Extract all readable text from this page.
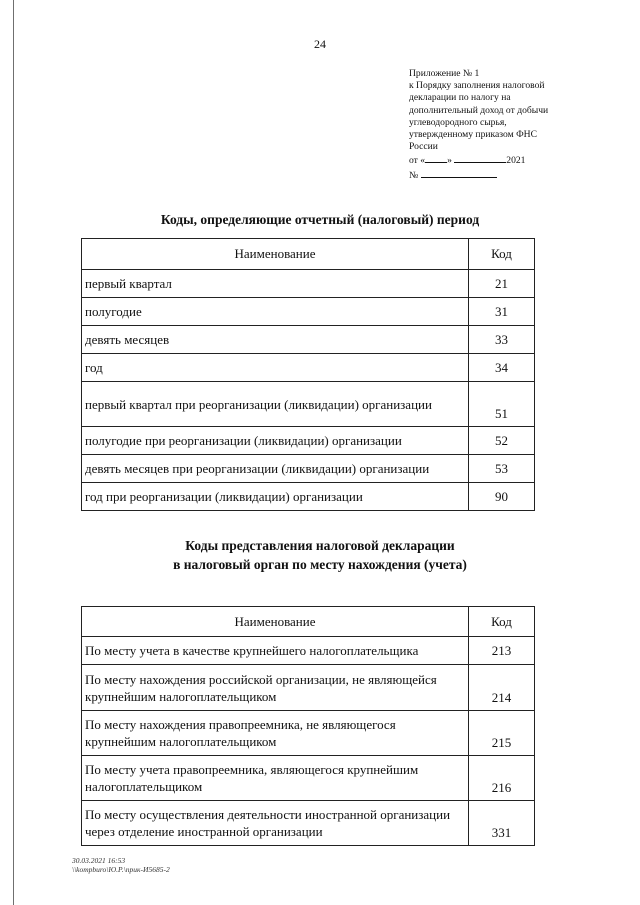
24
Приложение № 1
к Порядку заполнения налоговой
декларации по налогу на
дополнительный доход от добычи
углеводородного сырья,
утвержденному приказом ФНС
России
от « »	2021
№
Коды, определяющие отчетный (налоговый) период
Наименование	Код
первый квартал	21
полугодие	31
девять месяцев	33
год	34
первый квартал при реорганизации (ликвидации) организации	51
полугодие при реорганизации (ликвидации) организации	52
девять месяцев при реорганизации (ликвидации) организации	53
год при реорганизации (ликвидации) организации	90
Коды представления налоговой декларации
в налоговый орган по месту нахождения (учета)
Наименование	Код
По месту учета в качестве крупнейшего налогоплательщика	213
По месту нахождения российской организации, не являющейся крупнейшим налогоплательщиком	214
По месту нахождения правопреемника, не являющегося крупнейшим налогоплательщиком	215
По месту учета правопреемника, являющегося крупнейшим налогоплательщиком	216
По месту осуществления деятельности иностранной организации через отделение иностранной организации	331
30.03.2021 16:53
\\kompburo\Ю.Р.\npuк-И5685-2
